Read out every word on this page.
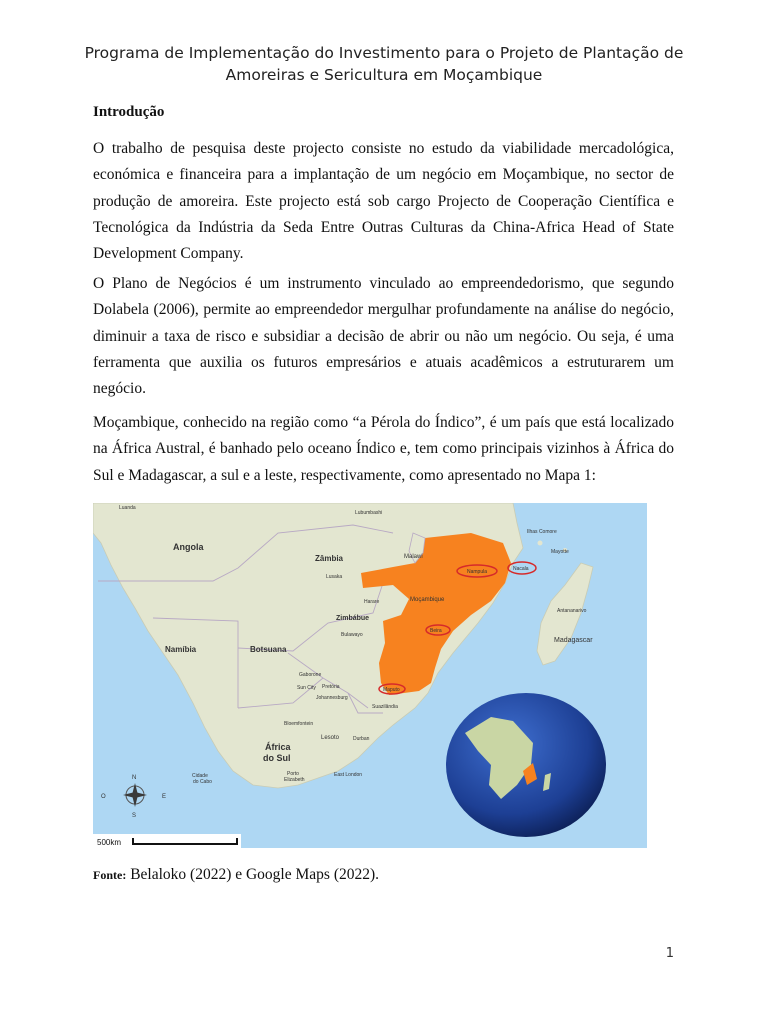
Programa de Implementação do Investimento para o Projeto de Plantação de
Amoreiras e Sericultura em Moçambique
Introdução

O trabalho de pesquisa deste projecto consiste no estudo da viabilidade mercadológica, económica e financeira para a implantação de um negócio em Moçambique, no sector de produção de amoreira. Este projecto está sob cargo Projecto de Cooperação Científica e Tecnológica da Indústria da Seda Entre Outras Culturas da China-Africa Head of State Development Company.

O Plano de Negócios é um instrumento vinculado ao empreendedorismo, que segundo Dolabela (2006), permite ao empreendedor mergulhar profundamente na análise do negócio, diminuir a taxa de risco e subsidiar a decisão de abrir ou não um negócio. Ou seja, é uma ferramenta que auxilia os futuros empresários e atuais acadêmicos a estruturarem um negócio.

Moçambique, conhecido na região como “a Pérola do Índico”, é um país que está localizado na África Austral, é banhado pelo oceano Índico e, tem como principais vizinhos à África do Sul e Madagascar, a sul e a leste, respectivamente, como apresentado no Mapa 1:

Angola
Zâmbia
Zimbábue
Namíbia	Botsuana
África
do Sul
Lesoto
Malawi
Moçambique
Madagascar
Ilhas Comore
Mayotte
Suazilândia
Luanda
Lubumbashi
Lusaka
Harare
Bulawayo
Gaborone
Sun City Pretória
Johannesburg
Bloemfontein
Durban
Cidade
do Cabo
Porto
Elizabeth
East London
Antananarivo
Nampula	Nacala
Beira
Maputo
N
S
E
O
500km
Fonte: Belaloko (2022) e Google Maps (2022).
1
